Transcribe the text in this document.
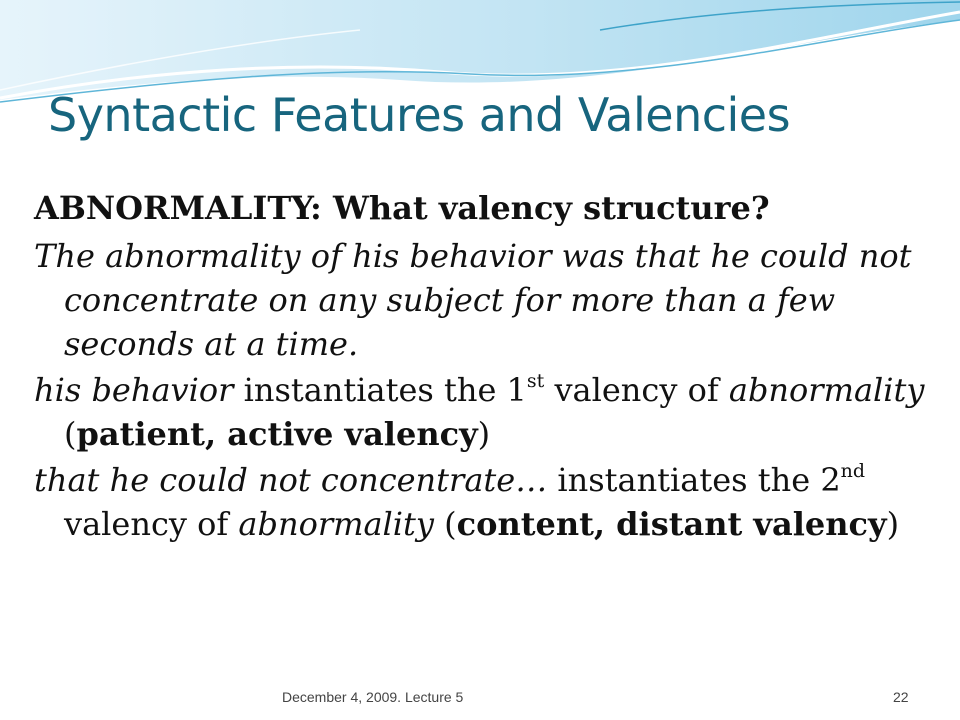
Syntactic Features and Valencies

ABNORMALITY: What valency structure?

The abnormality of his behavior was that he could not concentrate on any subject for more than a few seconds at a time.

his behavior instantiates the 1st valency of abnormality (patient, active valency)

that he could not concentrate… instantiates the 2nd valency of abnormality (content, distant valency)

December 4, 2009. Lecture 5	22
